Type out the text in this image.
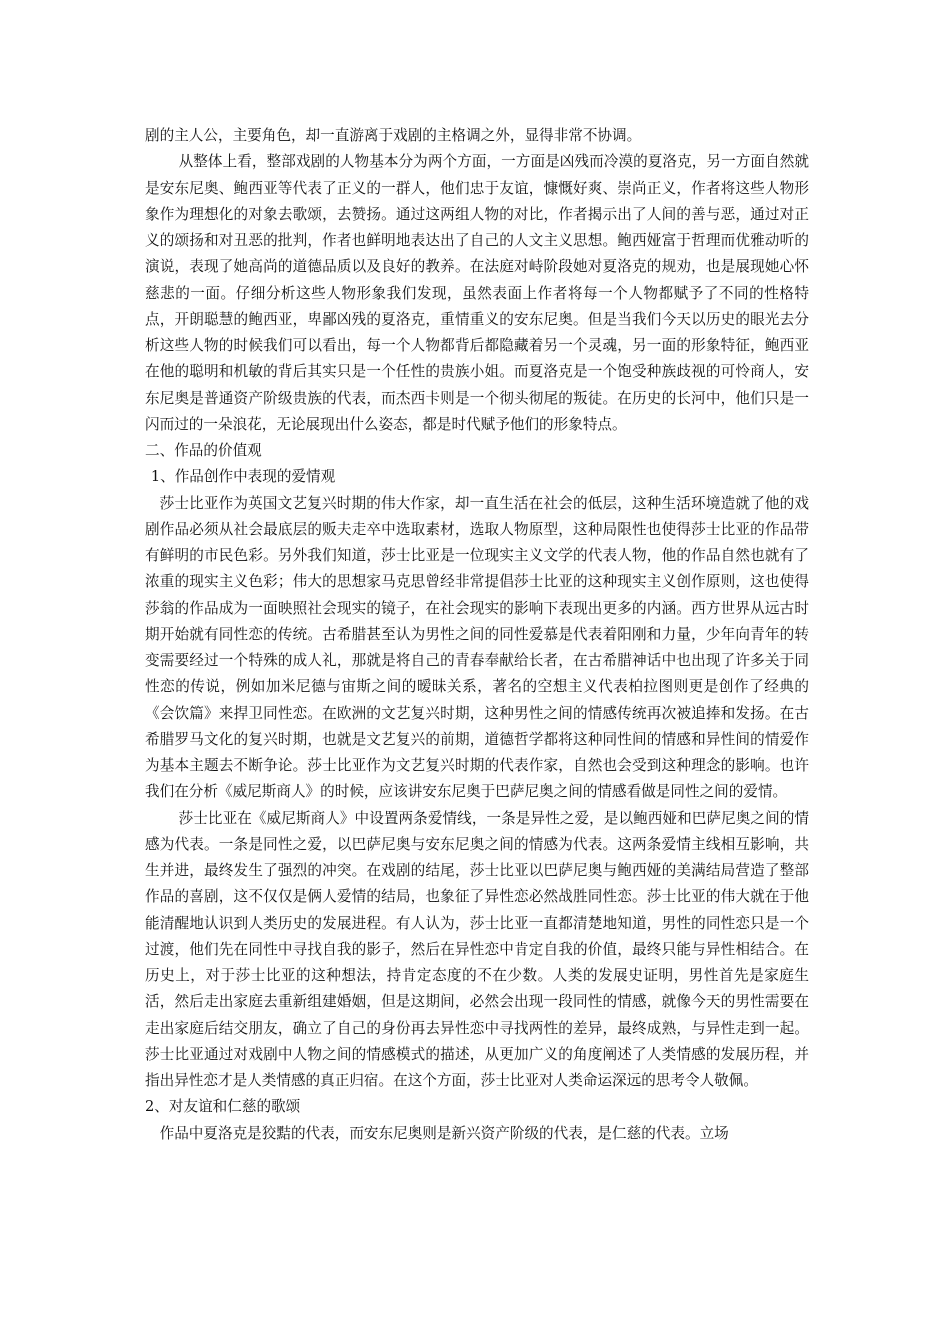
剧的主人公，主要角色，却一直游离于戏剧的主格调之外，显得非常不协调。

从整体上看，整部戏剧的人物基本分为两个方面，一方面是凶残而冷漠的夏洛克，另一方面自然就是安东尼奥、鲍西亚等代表了正义的一群人，他们忠于友谊，慷慨好爽、崇尚正义，作者将这些人物形象作为理想化的对象去歌颂，去赞扬。通过这两组人物的对比，作者揭示出了人间的善与恶，通过对正义的颂扬和对丑恶的批判，作者也鲜明地表达出了自己的人文主义思想。鲍西娅富于哲理而优雅动听的演说，表现了她高尚的道德品质以及良好的教养。在法庭对峙阶段她对夏洛克的规劝，也是展现她心怀慈悲的一面。仔细分析这些人物形象我们发现，虽然表面上作者将每一个人物都赋予了不同的性格特点，开朗聪慧的鲍西亚，卑鄙凶残的夏洛克，重情重义的安东尼奥。但是当我们今天以历史的眼光去分析这些人物的时候我们可以看出，每一个人物都背后都隐藏着另一个灵魂，另一面的形象特征，鲍西亚在他的聪明和机敏的背后其实只是一个任性的贵族小姐。而夏洛克是一个饱受种族歧视的可怜商人，安东尼奥是普通资产阶级贵族的代表，而杰西卡则是一个彻头彻尾的叛徒。在历史的长河中，他们只是一闪而过的一朵浪花，无论展现出什么姿态，都是时代赋予他们的形象特点。

二、作品的价值观

1、作品创作中表现的爱情观

莎士比亚作为英国文艺复兴时期的伟大作家，却一直生活在社会的低层，这种生活环境造就了他的戏剧作品必须从社会最底层的贩夫走卒中选取素材，选取人物原型，这种局限性也使得莎士比亚的作品带有鲜明的市民色彩。另外我们知道，莎士比亚是一位现实主义文学的代表人物，他的作品自然也就有了浓重的现实主义色彩；伟大的思想家马克思曾经非常提倡莎士比亚的这种现实主义创作原则，这也使得莎翁的作品成为一面映照社会现实的镜子，在社会现实的影响下表现出更多的内涵。西方世界从远古时期开始就有同性恋的传统。古希腊甚至认为男性之间的同性爱慕是代表着阳刚和力量，少年向青年的转变需要经过一个特殊的成人礼，那就是将自己的青春奉献给长者，在古希腊神话中也出现了许多关于同性恋的传说，例如加米尼德与宙斯之间的暧昧关系，著名的空想主义代表柏拉图则更是创作了经典的《会饮篇》来捍卫同性恋。在欧洲的文艺复兴时期，这种男性之间的情感传统再次被追捧和发扬。在古希腊罗马文化的复兴时期，也就是文艺复兴的前期，道德哲学都将这种同性间的情感和异性间的情爱作为基本主题去不断争论。莎士比亚作为文艺复兴时期的代表作家，自然也会受到这种理念的影响。也许我们在分析《威尼斯商人》的时候，应该讲安东尼奥于巴萨尼奥之间的情感看做是同性之间的爱情。

莎士比亚在《威尼斯商人》中设置两条爱情线，一条是异性之爱，是以鲍西娅和巴萨尼奥之间的情感为代表。一条是同性之爱，以巴萨尼奥与安东尼奥之间的情感为代表。这两条爱情主线相互影响，共生并进，最终发生了强烈的冲突。在戏剧的结尾，莎士比亚以巴萨尼奥与鲍西娅的美满结局营造了整部作品的喜剧，这不仅仅是俩人爱情的结局，也象征了异性恋必然战胜同性恋。莎士比亚的伟大就在于他能清醒地认识到人类历史的发展进程。有人认为，莎士比亚一直都清楚地知道，男性的同性恋只是一个过渡，他们先在同性中寻找自我的影子，然后在异性恋中肯定自我的价值，最终只能与异性相结合。在历史上，对于莎士比亚的这种想法，持肯定态度的不在少数。人类的发展史证明，男性首先是家庭生活，然后走出家庭去重新组建婚姻，但是这期间，必然会出现一段同性的情感，就像今天的男性需要在走出家庭后结交朋友，确立了自己的身份再去异性恋中寻找两性的差异，最终成熟，与异性走到一起。莎士比亚通过对戏剧中人物之间的情感模式的描述，从更加广义的角度阐述了人类情感的发展历程，并指出异性恋才是人类情感的真正归宿。在这个方面，莎士比亚对人类命运深远的思考令人敬佩。

2、对友谊和仁慈的歌颂

作品中夏洛克是狡黠的代表，而安东尼奥则是新兴资产阶级的代表，是仁慈的代表。立场
